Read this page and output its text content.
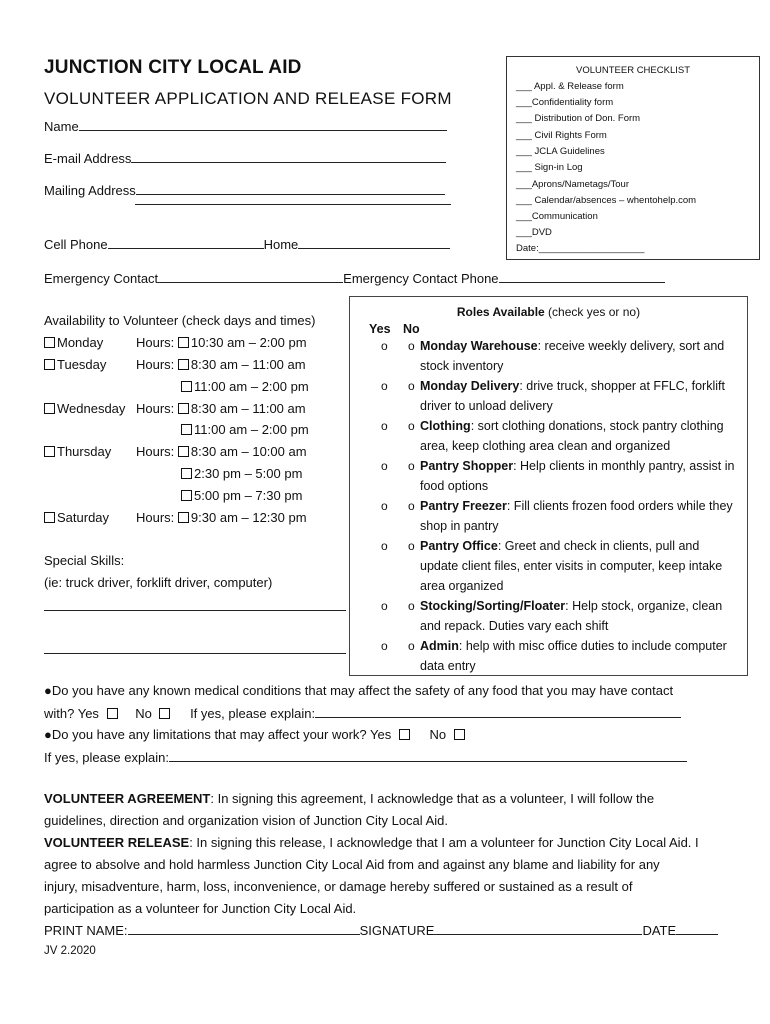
JUNCTION CITY LOCAL AID
VOLUNTEER APPLICATION AND RELEASE FORM
VOLUNTEER CHECKLIST
___ Appl. & Release form
___Confidentiality form
___ Distribution of Don. Form
___ Civil Rights Form
___ JCLA Guidelines
___ Sign-in Log
___Aprons/Nametags/Tour
___ Calendar/absences – whentohelp.com
___Communication
___DVD
Date:____________________
Name
E-mail Address
Mailing Address
Cell Phone	Home
Emergency Contact	Emergency Contact Phone
Availability to Volunteer (check days and times)
Monday	Hours: 10:30 am – 2:00 pm
Tuesday Hours: 8:30 am – 11:00 am
11:00 am – 2:00 pm
Wednesday Hours: 8:30 am – 11:00 am
11:00 am – 2:00 pm
Thursday Hours: 8:30 am – 10:00 am
2:30 pm – 5:00 pm
5:00 pm – 7:30 pm
Saturday Hours: 9:30 am – 12:30 pm
Special Skills:
(ie: truck driver, forklift driver, computer)
Roles Available (check yes or no)
Yes No
o o Monday Warehouse: receive weekly delivery, sort and stock inventory
o o Monday Delivery: drive truck, shopper at FFLC, forklift driver to unload delivery
o o Clothing: sort clothing donations, stock pantry clothing area, keep clothing area clean and organized
o o Pantry Shopper: Help clients in monthly pantry, assist in food options
o o Pantry Freezer: Fill clients frozen food orders while they shop in pantry
o o Pantry Office: Greet and check in clients, pull and update client files, enter visits in computer, keep intake area organized
o o Stocking/Sorting/Floater: Help stock, organize, clean and repack. Duties vary each shift
o o Admin: help with misc office duties to include computer data entry
●Do you have any known medical conditions that may affect the safety of any food that you may have contact
with? Yes	No	If yes, please explain:
●Do you have any limitations that may affect your work? Yes	No
If yes, please explain:
VOLUNTEER AGREEMENT: In signing this agreement, I acknowledge that as a volunteer, I will follow the
guidelines, direction and organization vision of Junction City Local Aid.
VOLUNTEER RELEASE: In signing this release, I acknowledge that I am a volunteer for Junction City Local Aid. I
agree to absolve and hold harmless Junction City Local Aid from and against any blame and liability for any
injury, misadventure, harm, loss, inconvenience, or damage hereby suffered or sustained as a result of
participation as a volunteer for Junction City Local Aid.
PRINT NAME:	SIGNATURE	DATE
JV 2.2020
